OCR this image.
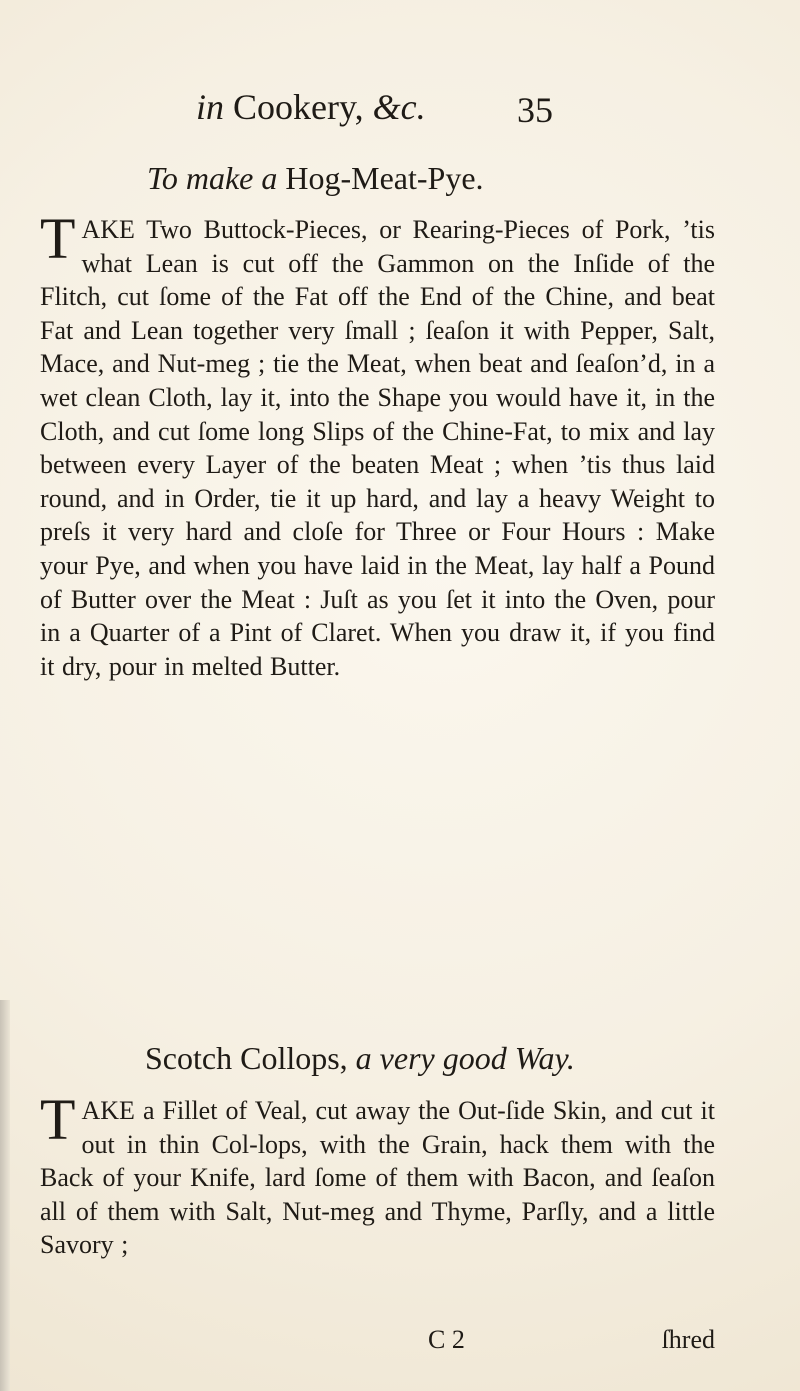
in Cookery, &c.	35
To make a Hog-Meat-Pye.
T AKE Two Buttock-Pieces, or Rearing-Pieces of Pork, ’tis what Lean is cut off the Gammon on the Inſide of the Flitch, cut ſome of the Fat off the End of the Chine, and beat Fat and Lean together very ſmall ; ſeaſon it with Pepper, Salt, Mace, and Nut-meg ; tie the Meat, when beat and ſeaſon’d, in a wet clean Cloth, lay it, into the Shape you would have it, in the Cloth, and cut ſome long Slips of the Chine-Fat, to mix and lay between every Layer of the beaten Meat ; when ’tis thus laid round, and in Order, tie it up hard, and lay a heavy Weight to preſs it very hard and cloſe for Three or Four Hours : Make your Pye, and when you have laid in the Meat, lay half a Pound of Butter over the Meat : Juſt as you ſet it into the Oven, pour in a Quarter of a Pint of Claret. When you draw it, if you find it dry, pour in melted Butter.
Scotch Collops, a very good Way.
T AKE a Fillet of Veal, cut away the Out-ſide Skin, and cut it out in thin Col-lops, with the Grain, hack them with the Back of your Knife, lard ſome of them with Bacon, and ſeaſon all of them with Salt, Nut-meg and Thyme, Parſly, and a little Savory ;
C 2	ſhred
